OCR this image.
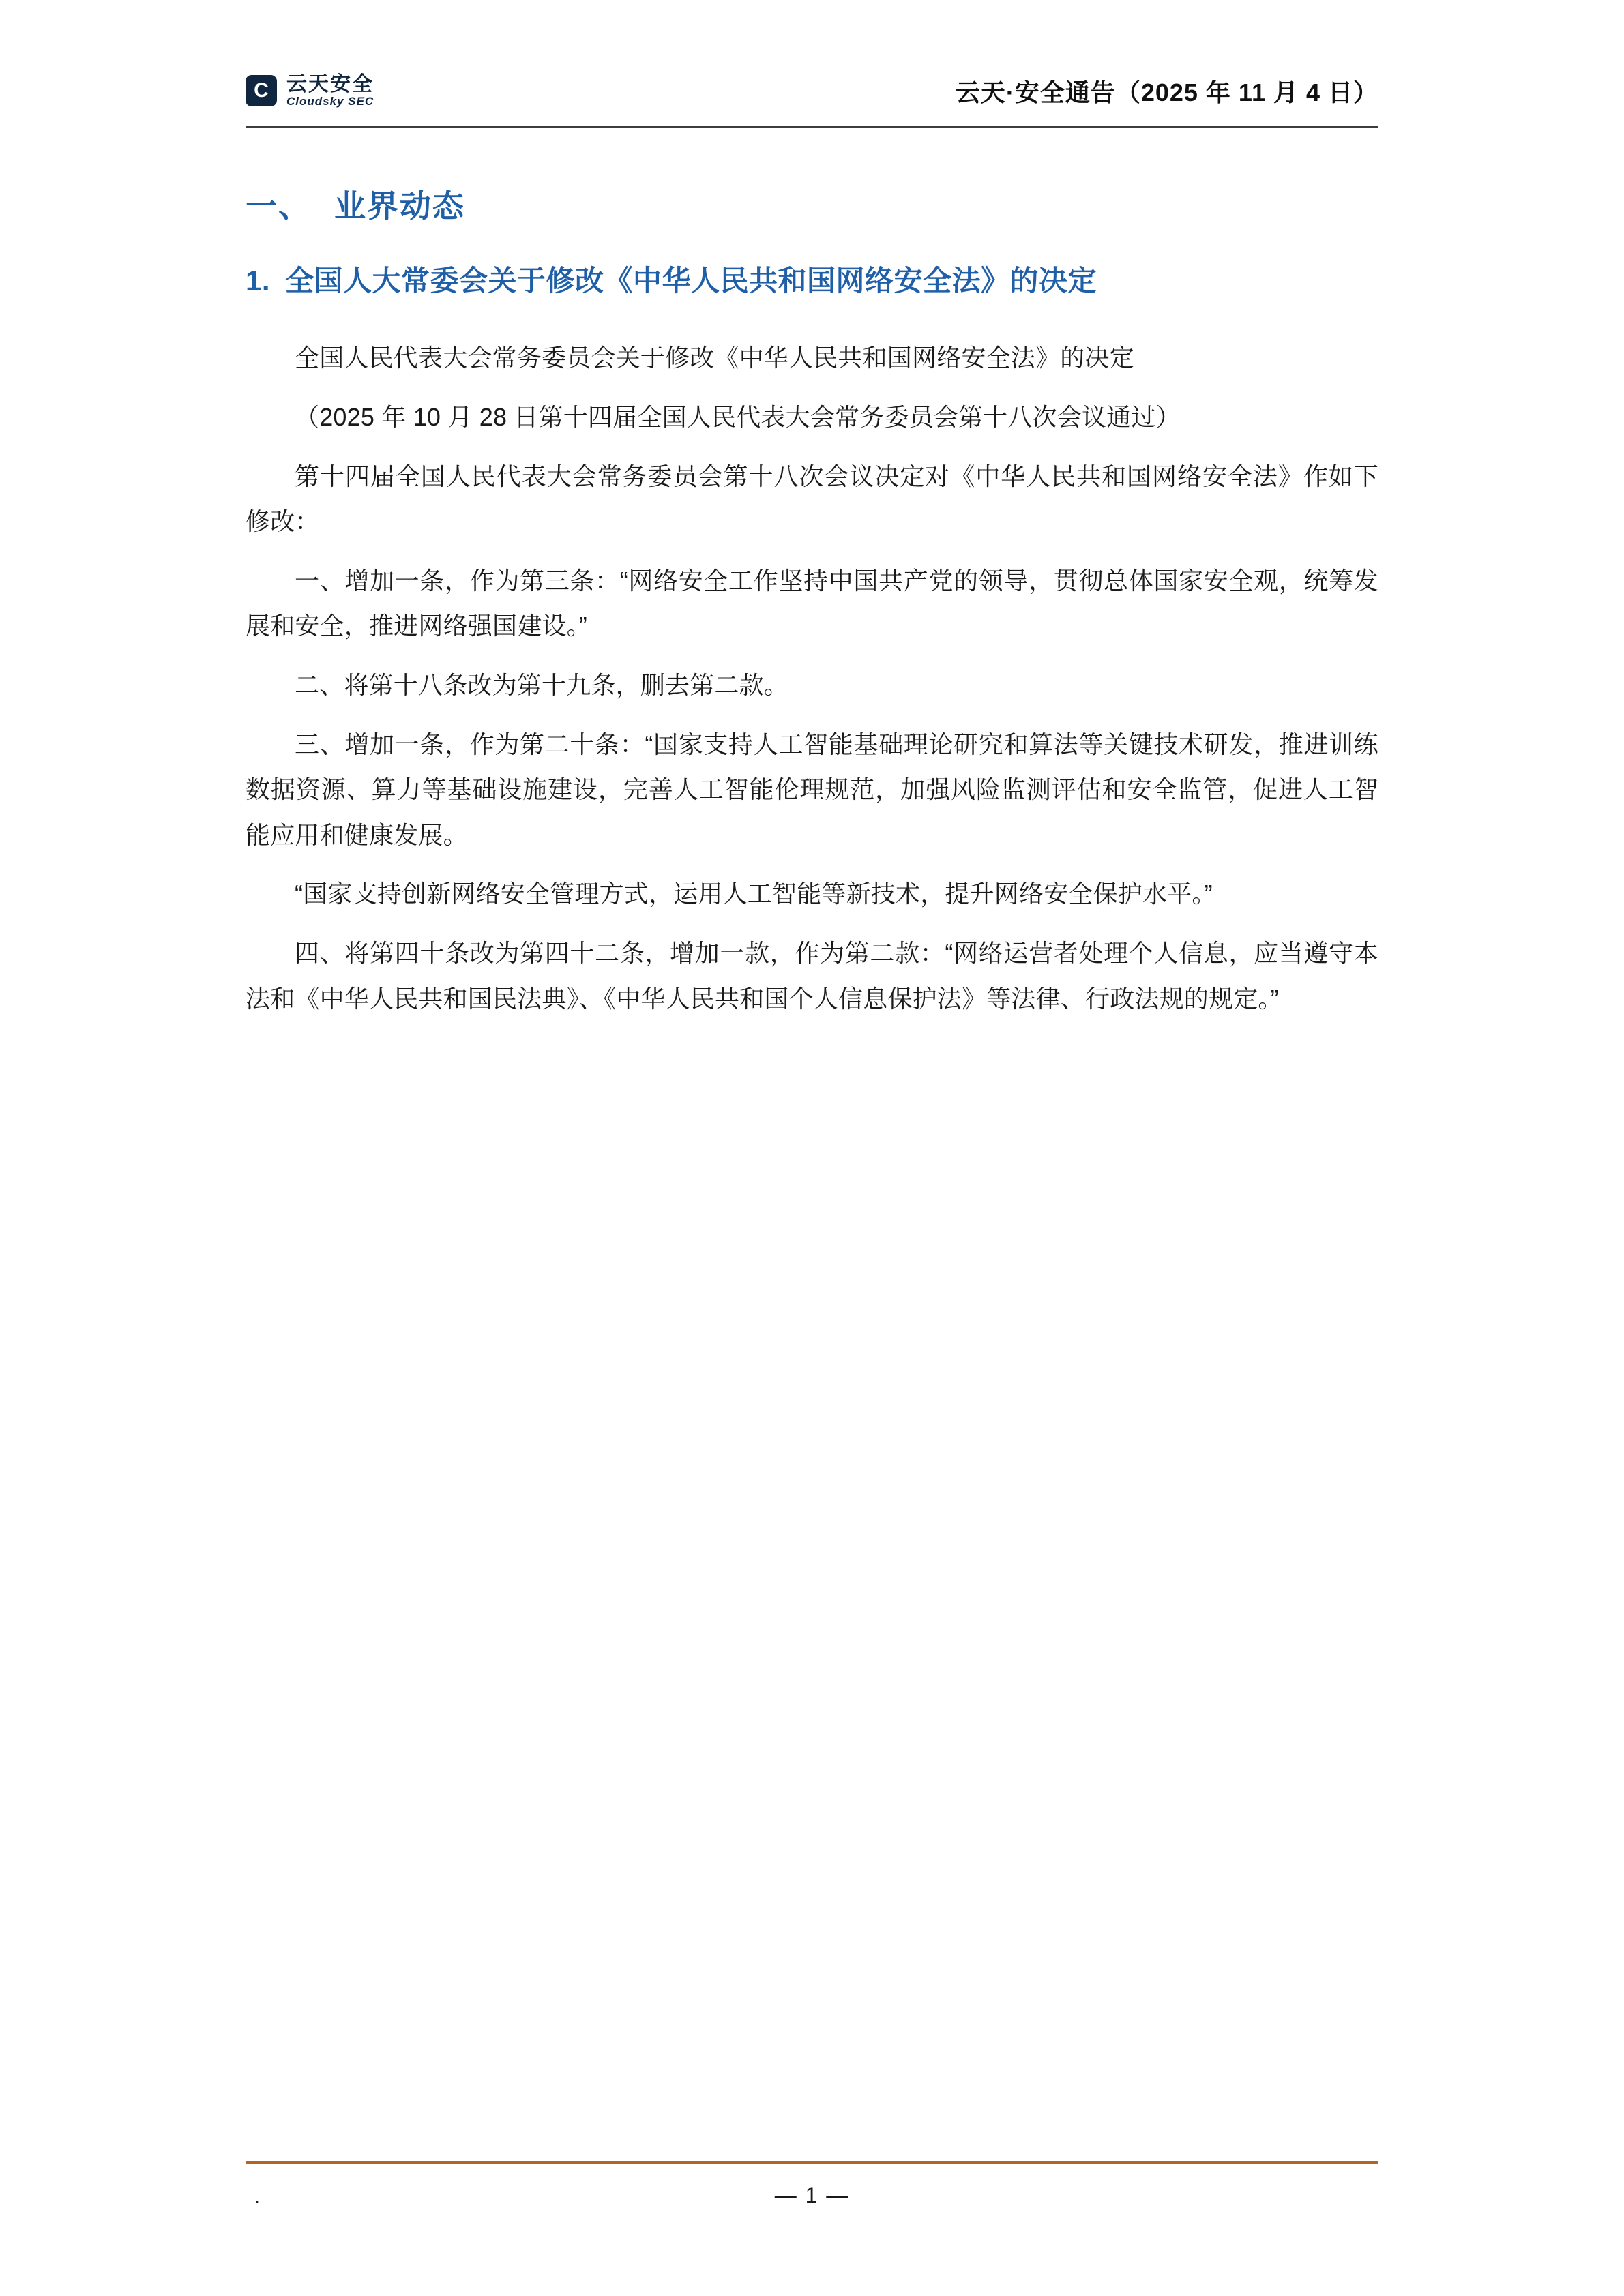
C 云天安全
Cloudsky SEC	云天·安全通告（2025 年 11 月 4 日）
一、 业界动态
1. 全国人大常委会关于修改《中华人民共和国网络安全法》的决定

全国人民代表大会常务委员会关于修改《中华人民共和国网络安全法》的决定

（2025 年 10 月 28 日第十四届全国人民代表大会常务委员会第十八次会议通过）

第十四届全国人民代表大会常务委员会第十八次会议决定对《中华人民共和国网络安全法》作如下修改：

一、增加一条，作为第三条：“网络安全工作坚持中国共产党的领导，贯彻总体国家安全观，统筹发展和安全，推进网络强国建设。”

二、将第十八条改为第十九条，删去第二款。

三、增加一条，作为第二十条：“国家支持人工智能基础理论研究和算法等关键技术研发，推进训练数据资源、算力等基础设施建设，完善人工智能伦理规范，加强风险监测评估和安全监管，促进人工智能应用和健康发展。

“国家支持创新网络安全管理方式，运用人工智能等新技术，提升网络安全保护水平。”

四、将第四十条改为第四十二条，增加一款，作为第二款：“网络运营者处理个人信息，应当遵守本法和《中华人民共和国民法典》、《中华人民共和国个人信息保护法》等法律、行政法规的规定。”

.	— 1 —
